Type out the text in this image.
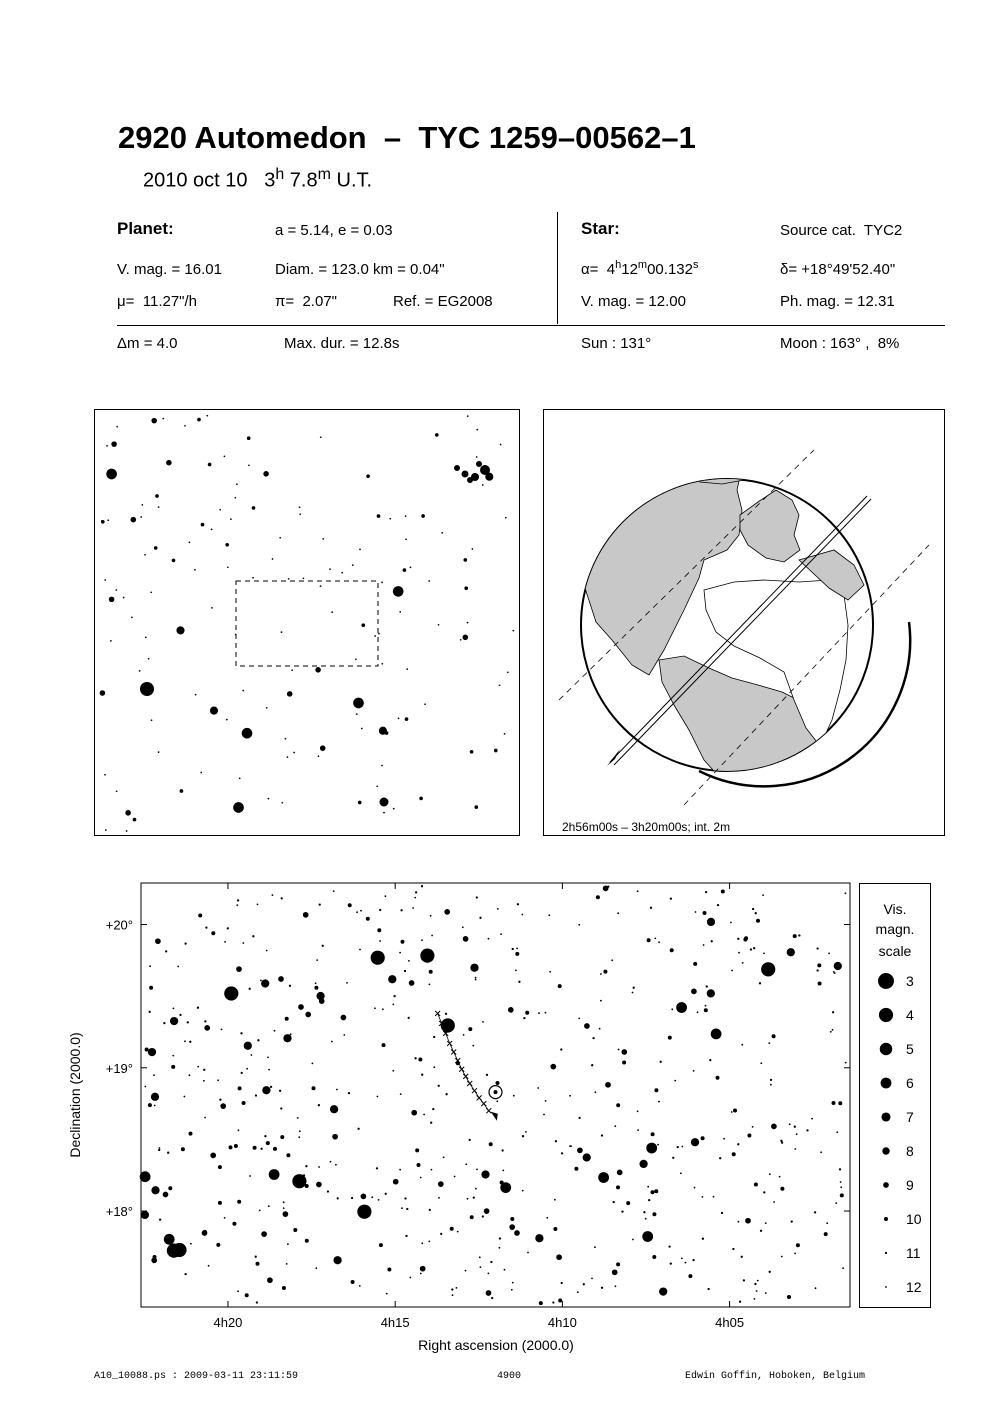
2920 Automedon  –  TYC 1259–00562–1
2010 oct 10 3$^h$ 7.8$^m$ U.T.
Planet:	a = 5.14, e = 0.03
V. mag. = 16.01	Diam. = 123.0 km = 0.04"
μ=  11.27"/h	π=  2.07"	Ref. = EG2008
Star:	Source cat.  TYC2
α=  4$^h$12$^m$00.132$^s$	δ= +18°49'52.40"
V. mag. = 12.00	Ph. mag. = 12.31
Δm = 4.0	Max. dur. = 12.8s	Sun : 131°	Moon : 163° ,  8%
2h56m00s – 3h20m00s; int. 2m
4h20	4h15	4h10	4h05
+20°
+19°
+18°
Right ascension (2000.0)
Declination (2000.0)
Vis.
magn.
scale
3
4
5
6
7
8
9
10
11
12
A10_10088.ps : 2009-03-11 23:11:59	4900	Edwin Goffin, Hoboken, Belgium
